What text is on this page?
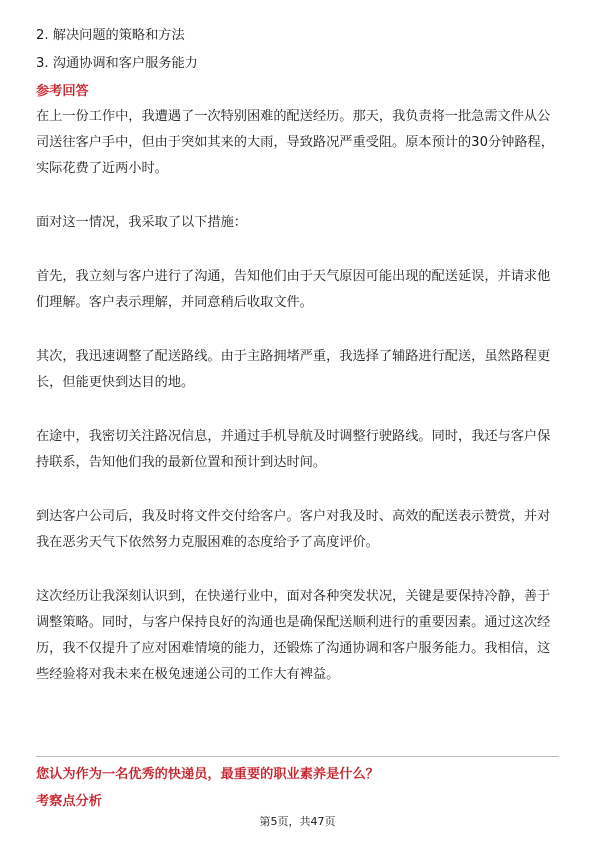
2. 解决问题的策略和方法
3. 沟通协调和客户服务能力
参考回答

在上一份工作中，我遭遇了一次特别困难的配送经历。那天，我负责将一批急需文件从公司送往客户手中，但由于突如其来的大雨，导致路况严重受阻。原本预计的30分钟路程，实际花费了近两小时。

面对这一情况，我采取了以下措施：

首先，我立刻与客户进行了沟通，告知他们由于天气原因可能出现的配送延误，并请求他们理解。客户表示理解，并同意稍后收取文件。

其次，我迅速调整了配送路线。由于主路拥堵严重，我选择了辅路进行配送，虽然路程更长，但能更快到达目的地。

在途中，我密切关注路况信息，并通过手机导航及时调整行驶路线。同时，我还与客户保持联系，告知他们我的最新位置和预计到达时间。

到达客户公司后，我及时将文件交付给客户。客户对我及时、高效的配送表示赞赏，并对我在恶劣天气下依然努力克服困难的态度给予了高度评价。

这次经历让我深刻认识到，在快递行业中，面对各种突发状况，关键是要保持冷静，善于调整策略。同时，与客户保持良好的沟通也是确保配送顺利进行的重要因素。通过这次经历，我不仅提升了应对困难情境的能力，还锻炼了沟通协调和客户服务能力。我相信，这些经验将对我未来在极兔速递公司的工作大有裨益。

您认为作为一名优秀的快递员，最重要的职业素养是什么？
考察点分析
第5页，共47页
